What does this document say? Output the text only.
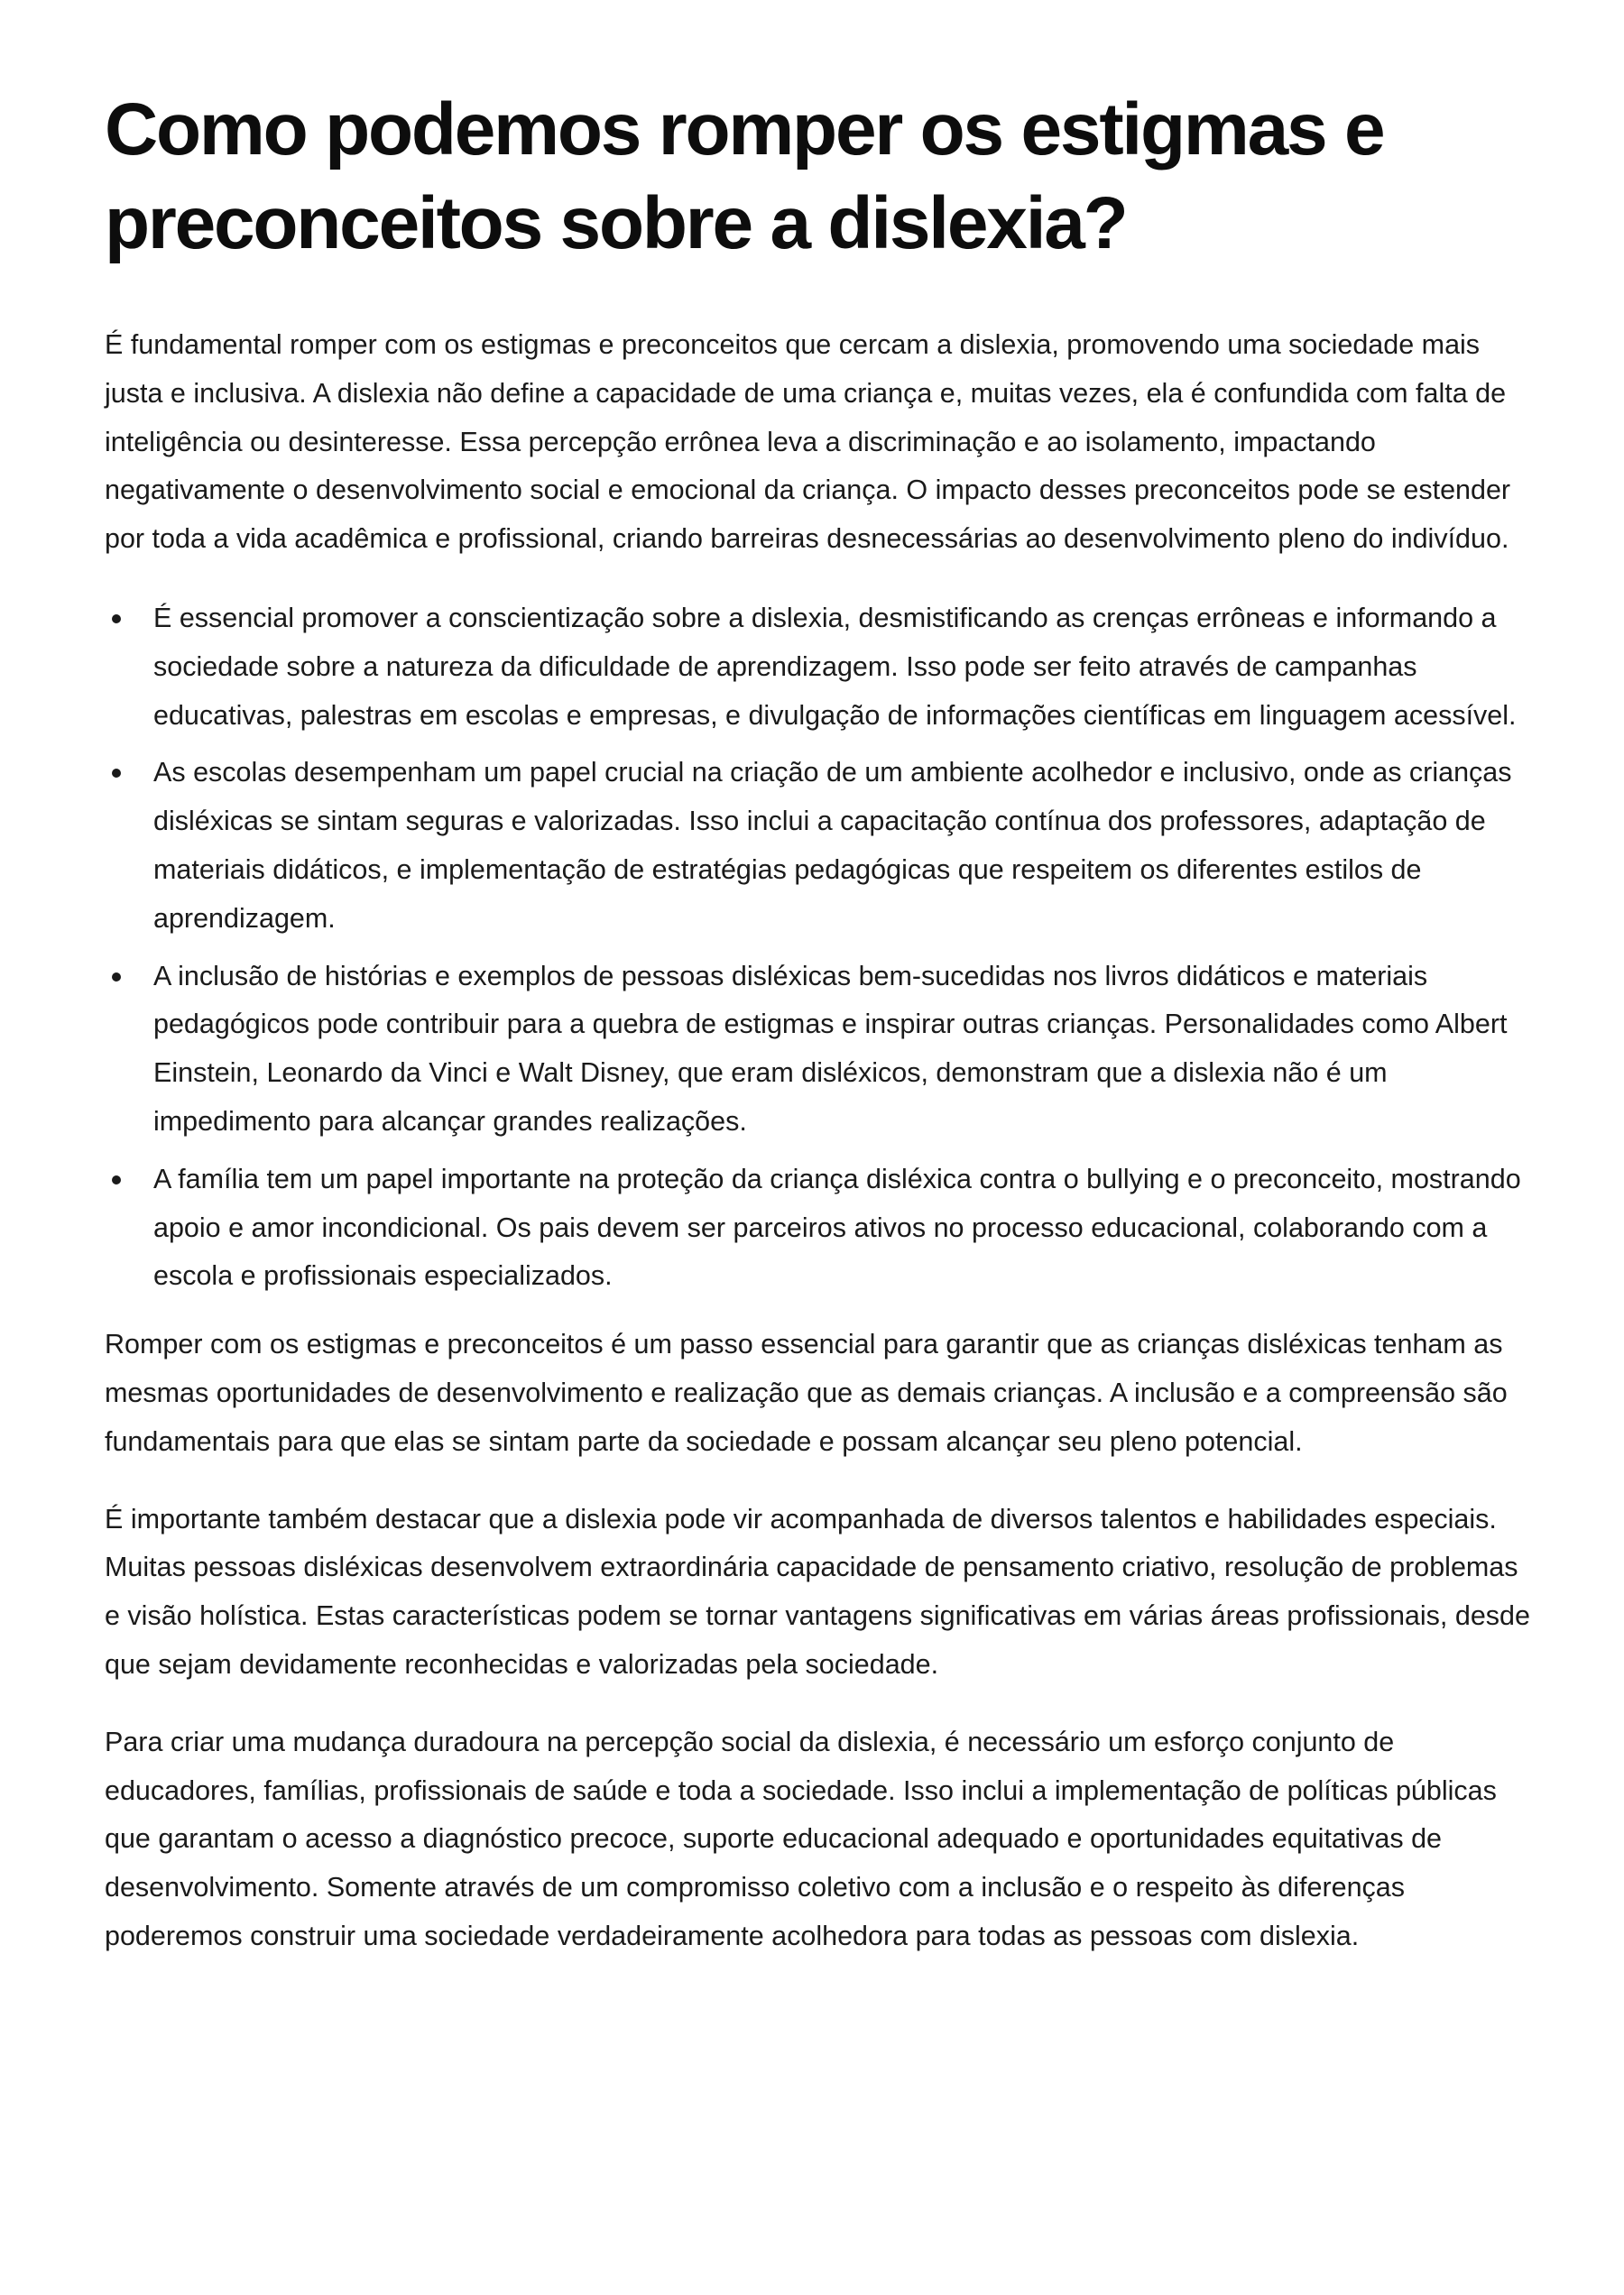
Como podemos romper os estigmas e preconceitos sobre a dislexia?

É fundamental romper com os estigmas e preconceitos que cercam a dislexia, promovendo uma sociedade mais justa e inclusiva. A dislexia não define a capacidade de uma criança e, muitas vezes, ela é confundida com falta de inteligência ou desinteresse. Essa percepção errônea leva a discriminação e ao isolamento, impactando negativamente o desenvolvimento social e emocional da criança. O impacto desses preconceitos pode se estender por toda a vida acadêmica e profissional, criando barreiras desnecessárias ao desenvolvimento pleno do indivíduo.

É essencial promover a conscientização sobre a dislexia, desmistificando as crenças errôneas e informando a sociedade sobre a natureza da dificuldade de aprendizagem. Isso pode ser feito através de campanhas educativas, palestras em escolas e empresas, e divulgação de informações científicas em linguagem acessível.
As escolas desempenham um papel crucial na criação de um ambiente acolhedor e inclusivo, onde as crianças disléxicas se sintam seguras e valorizadas. Isso inclui a capacitação contínua dos professores, adaptação de materiais didáticos, e implementação de estratégias pedagógicas que respeitem os diferentes estilos de aprendizagem.
A inclusão de histórias e exemplos de pessoas disléxicas bem-sucedidas nos livros didáticos e materiais pedagógicos pode contribuir para a quebra de estigmas e inspirar outras crianças. Personalidades como Albert Einstein, Leonardo da Vinci e Walt Disney, que eram disléxicos, demonstram que a dislexia não é um impedimento para alcançar grandes realizações.
A família tem um papel importante na proteção da criança disléxica contra o bullying e o preconceito, mostrando apoio e amor incondicional. Os pais devem ser parceiros ativos no processo educacional, colaborando com a escola e profissionais especializados.

Romper com os estigmas e preconceitos é um passo essencial para garantir que as crianças disléxicas tenham as mesmas oportunidades de desenvolvimento e realização que as demais crianças. A inclusão e a compreensão são fundamentais para que elas se sintam parte da sociedade e possam alcançar seu pleno potencial.

É importante também destacar que a dislexia pode vir acompanhada de diversos talentos e habilidades especiais. Muitas pessoas disléxicas desenvolvem extraordinária capacidade de pensamento criativo, resolução de problemas e visão holística. Estas características podem se tornar vantagens significativas em várias áreas profissionais, desde que sejam devidamente reconhecidas e valorizadas pela sociedade.

Para criar uma mudança duradoura na percepção social da dislexia, é necessário um esforço conjunto de educadores, famílias, profissionais de saúde e toda a sociedade. Isso inclui a implementação de políticas públicas que garantam o acesso a diagnóstico precoce, suporte educacional adequado e oportunidades equitativas de desenvolvimento. Somente através de um compromisso coletivo com a inclusão e o respeito às diferenças poderemos construir uma sociedade verdadeiramente acolhedora para todas as pessoas com dislexia.
